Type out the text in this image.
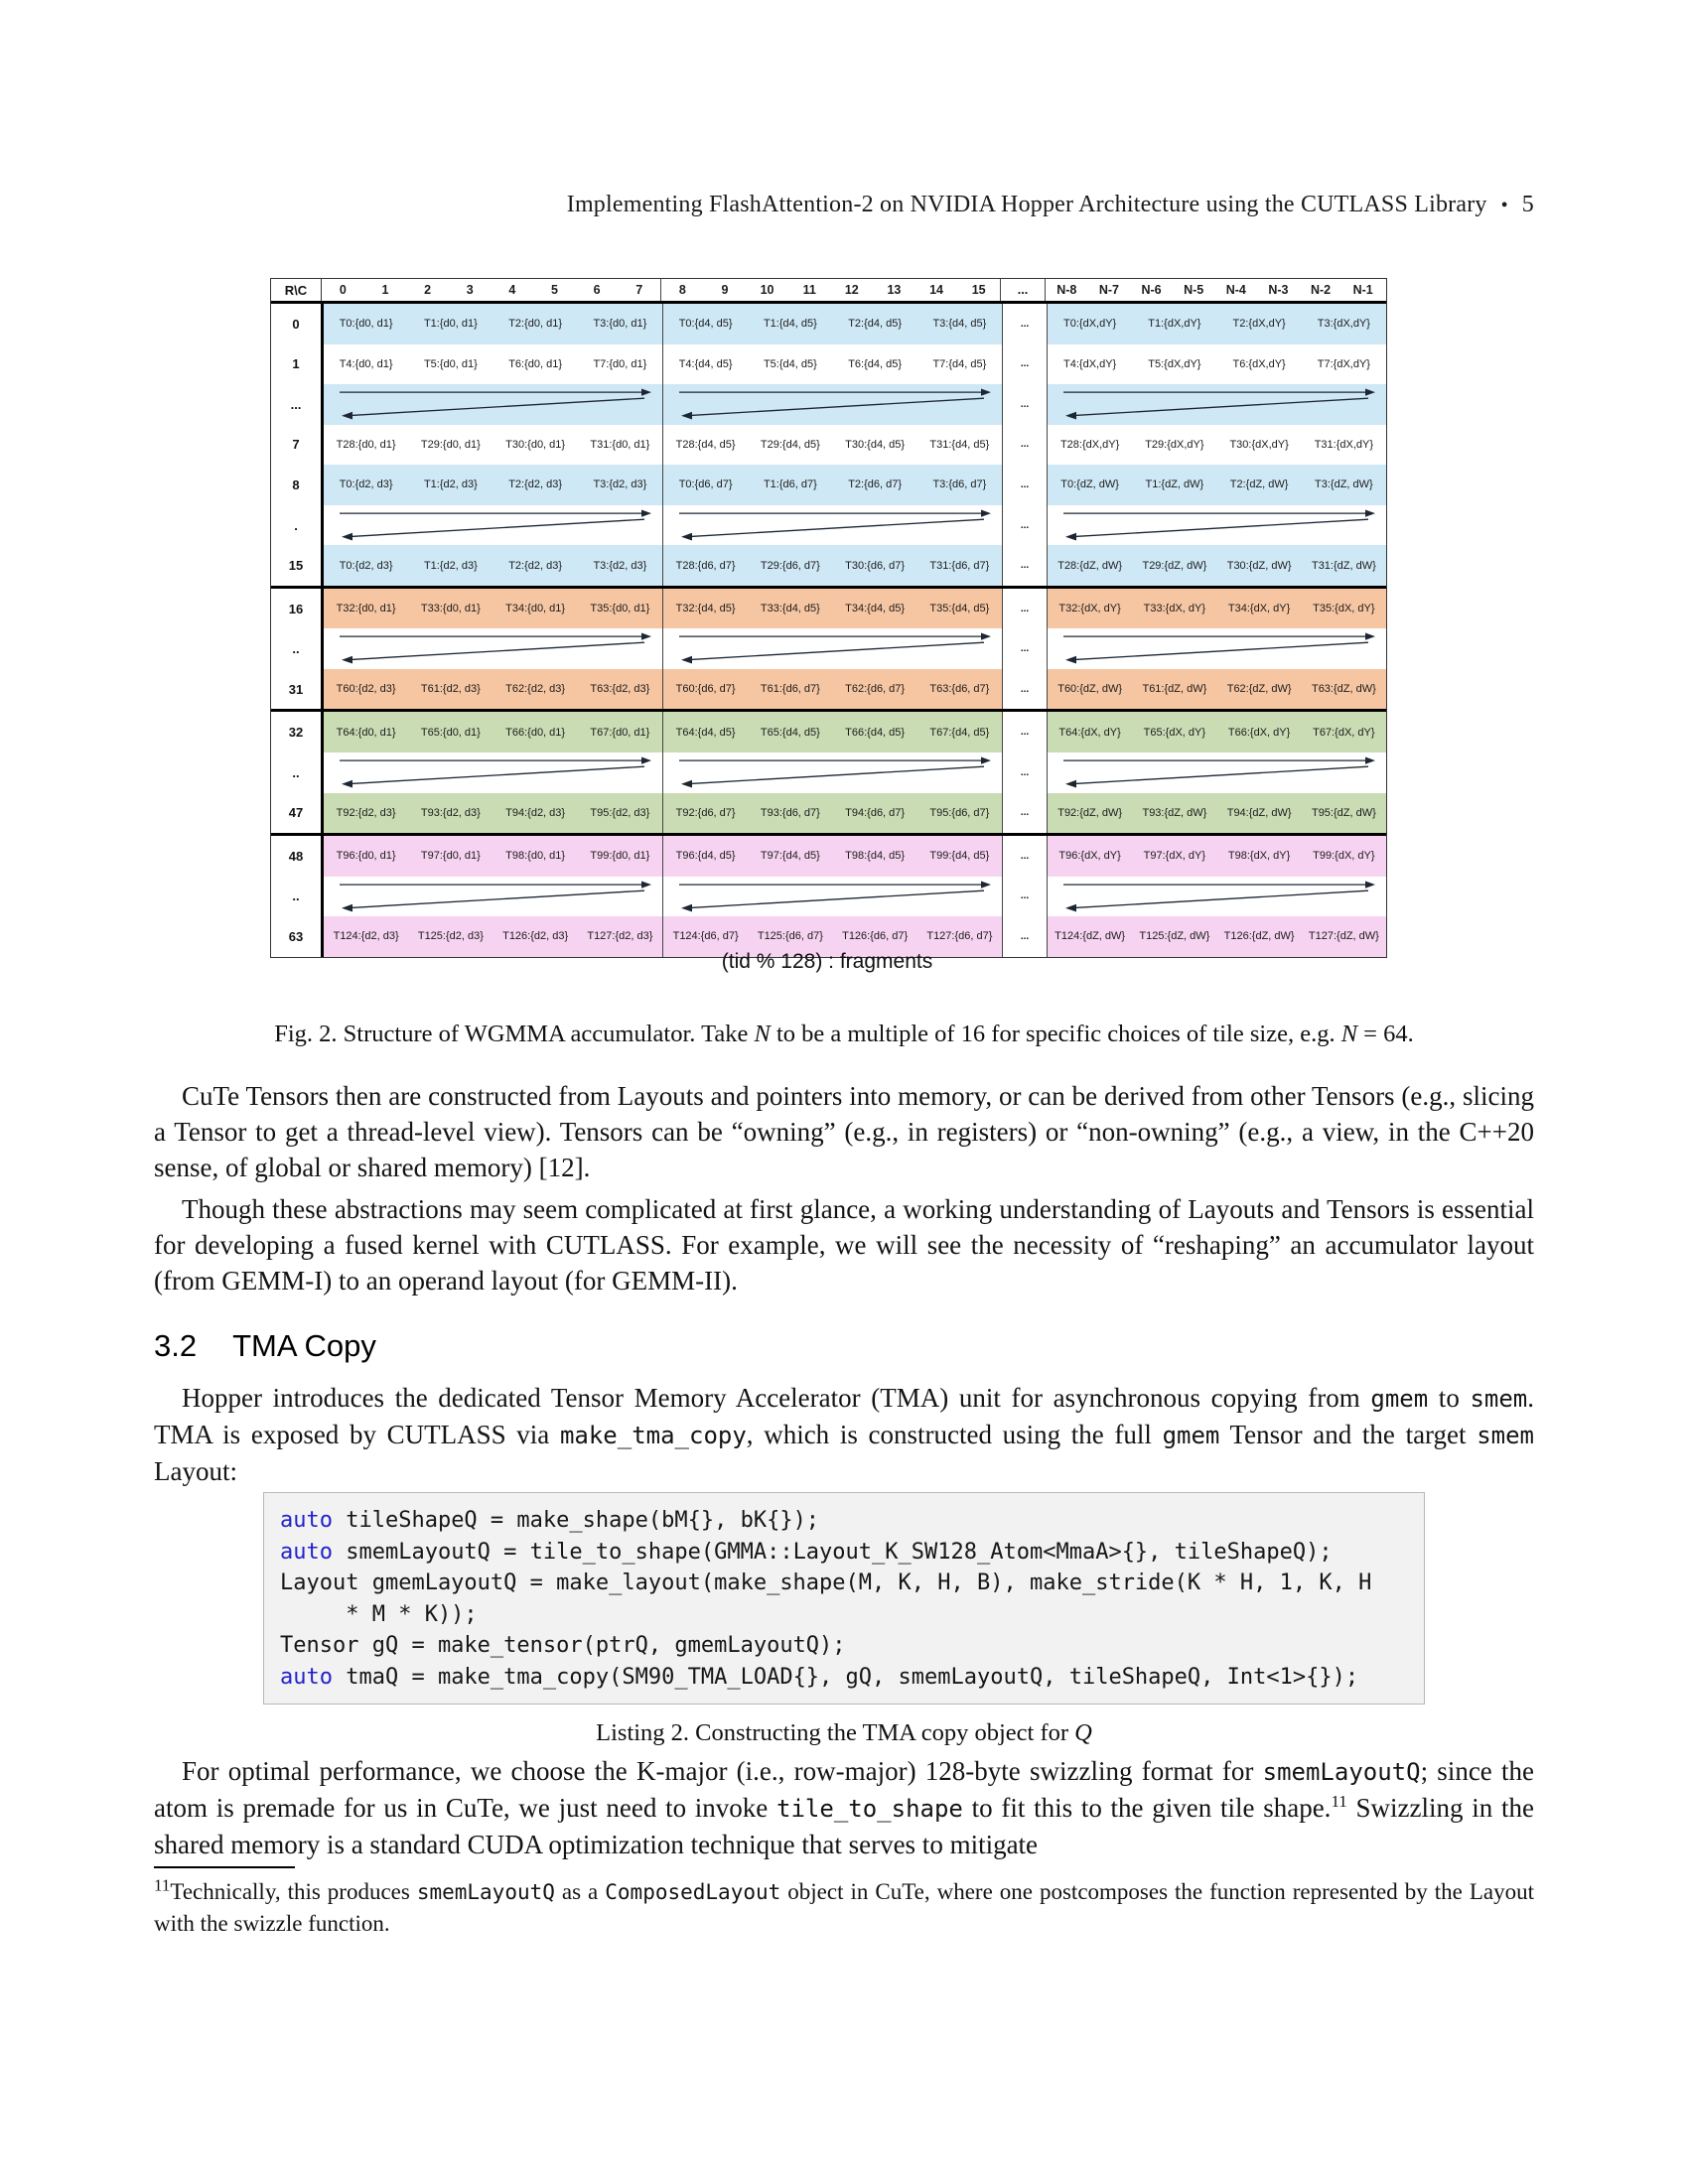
Implementing FlashAttention-2 on NVIDIA Hopper Architecture using the CUTLASS Library • 5
R\C	0	1	2	3	4	5	6	7	8	9	10	11	12	13	14	15	...	N-8	N-7	N-6	N-5	N-4	N-3	N-2	N-1
0	T0:{d0, d1}	T1:{d0, d1}	T2:{d0, d1}	T3:{d0, d1}	T0:{d4, d5}	T1:{d4, d5}	T2:{d4, d5}	T3:{d4, d5}	...	T0:{dX,dY}	T1:{dX,dY}	T2:{dX,dY}	T3:{dX,dY}
1	T4:{d0, d1}	T5:{d0, d1}	T6:{d0, d1}	T7:{d0, d1}	T4:{d4, d5}	T5:{d4, d5}	T6:{d4, d5}	T7:{d4, d5}	...	T4:{dX,dY}	T5:{dX,dY}	T6:{dX,dY}	T7:{dX,dY}
...	...
7	T28:{d0, d1}	T29:{d0, d1}	T30:{d0, d1}	T31:{d0, d1}	T28:{d4, d5}	T29:{d4, d5}	T30:{d4, d5}	T31:{d4, d5}	...	T28:{dX,dY}	T29:{dX,dY}	T30:{dX,dY}	T31:{dX,dY}
8	T0:{d2, d3}	T1:{d2, d3}	T2:{d2, d3}	T3:{d2, d3}	T0:{d6, d7}	T1:{d6, d7}	T2:{d6, d7}	T3:{d6, d7}	...	T0:{dZ, dW}	T1:{dZ, dW}	T2:{dZ, dW}	T3:{dZ, dW}
.	...
15	T0:{d2, d3}	T1:{d2, d3}	T2:{d2, d3}	T3:{d2, d3}	T28:{d6, d7}	T29:{d6, d7}	T30:{d6, d7}	T31:{d6, d7}	...	T28:{dZ, dW}	T29:{dZ, dW}	T30:{dZ, dW}	T31:{dZ, dW}
16	T32:{d0, d1}	T33:{d0, d1}	T34:{d0, d1}	T35:{d0, d1}	T32:{d4, d5}	T33:{d4, d5}	T34:{d4, d5}	T35:{d4, d5}	...	T32:{dX, dY}	T33:{dX, dY}	T34:{dX, dY}	T35:{dX, dY}
..	...
31	T60:{d2, d3}	T61:{d2, d3}	T62:{d2, d3}	T63:{d2, d3}	T60:{d6, d7}	T61:{d6, d7}	T62:{d6, d7}	T63:{d6, d7}	...	T60:{dZ, dW}	T61:{dZ, dW}	T62:{dZ, dW}	T63:{dZ, dW}
32	T64:{d0, d1}	T65:{d0, d1}	T66:{d0, d1}	T67:{d0, d1}	T64:{d4, d5}	T65:{d4, d5}	T66:{d4, d5}	T67:{d4, d5}	...	T64:{dX, dY}	T65:{dX, dY}	T66:{dX, dY}	T67:{dX, dY}
..	...
47	T92:{d2, d3}	T93:{d2, d3}	T94:{d2, d3}	T95:{d2, d3}	T92:{d6, d7}	T93:{d6, d7}	T94:{d6, d7}	T95:{d6, d7}	...	T92:{dZ, dW}	T93:{dZ, dW}	T94:{dZ, dW}	T95:{dZ, dW}
48	T96:{d0, d1}	T97:{d0, d1}	T98:{d0, d1}	T99:{d0, d1}	T96:{d4, d5}	T97:{d4, d5}	T98:{d4, d5}	T99:{d4, d5}	...	T96:{dX, dY}	T97:{dX, dY}	T98:{dX, dY}	T99:{dX, dY}
..	...
63	T124:{d2, d3}	T125:{d2, d3}	T126:{d2, d3}	T127:{d2, d3}	T124:{d6, d7}	T125:{d6, d7}	T126:{d6, d7}	T127:{d6, d7}	...	T124:{dZ, dW}	T125:{dZ, dW}	T126:{dZ, dW}	T127:{dZ, dW}
(tid % 128) : fragments
Fig. 2. Structure of WGMMA accumulator. Take N to be a multiple of 16 for specific choices of tile size, e.g. N = 64.

CuTe Tensors then are constructed from Layouts and pointers into memory, or can be derived from other Tensors (e.g., slicing a Tensor to get a thread-level view). Tensors can be “owning” (e.g., in registers) or “non-owning” (e.g., a view, in the C++20 sense, of global or shared memory) [12].

Though these abstractions may seem complicated at first glance, a working understanding of Layouts and Tensors is essential for developing a fused kernel with CUTLASS. For example, we will see the necessity of “reshaping” an accumulator layout (from GEMM-I) to an operand layout (for GEMM-II).

3.2 TMA Copy

Hopper introduces the dedicated Tensor Memory Accelerator (TMA) unit for asynchronous copying from gmem to smem. TMA is exposed by CUTLASS via make_tma_copy, which is constructed using the full gmem Tensor and the target smem Layout:

auto tileShapeQ = make_shape(bM{}, bK{});
auto smemLayoutQ = tile_to_shape(GMMA::Layout_K_SW128_Atom<MmaA>{}, tileShapeQ);
Layout gmemLayoutQ = make_layout(make_shape(M, K, H, B), make_stride(K * H, 1, K, H
* M * K));
Tensor gQ = make_tensor(ptrQ, gmemLayoutQ);
auto tmaQ = make_tma_copy(SM90_TMA_LOAD{}, gQ, smemLayoutQ, tileShapeQ, Int<1>{});
Listing 2. Constructing the TMA copy object for Q

For optimal performance, we choose the K-major (i.e., row-major) 128-byte swizzling format for smemLayoutQ; since the atom is premade for us in CuTe, we just need to invoke tile_to_shape to fit this to the given tile shape.$^{11}$ Swizzling in the shared memory is a standard CUDA optimization technique that serves to mitigate

$^{11}$Technically, this produces smemLayoutQ as a ComposedLayout object in CuTe, where one postcomposes the function represented by the Layout with the swizzle function.
